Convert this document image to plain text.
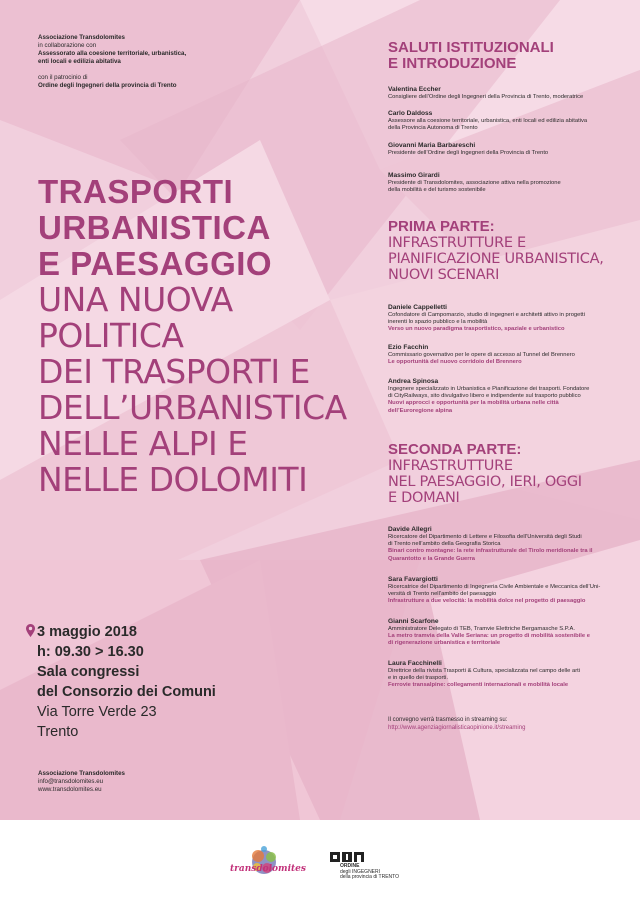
Associazione Transdolomites
in collaborazione con
Assessorato alla coesione territoriale, urbanistica,
enti locali e edilizia abitativa
con il patrocinio di
Ordine degli Ingegneri della provincia di Trento
TRASPORTI
URBANISTICA
E PAESAGGIO
UNA NUOVA
POLITICA
DEI TRASPORTI E
DELL’URBANISTICA
NELLE ALPI E
NELLE DOLOMITI
3 maggio 2018
h: 09.30 > 16.30
Sala congressi
del Consorzio dei Comuni
Via Torre Verde 23
Trento
Associazione Transdolomites
info@transdolomites.eu
www.transdolomites.eu
SALUTI ISTITUZIONALI
E INTRODUZIONE
Valentina Eccher
Consigliere dell’Ordine degli Ingegneri della Provincia di Trento, moderatrice
Carlo Daldoss
Assessore alla coesione territoriale, urbanistica, enti locali ed edilizia abitativa
della Provincia Autonoma di Trento
Giovanni Maria Barbareschi
Presidente dell’Ordine degli Ingegneri della Provincia di Trento
Massimo Girardi
Presidente di Transdolomites, associazione attiva nella promozione
della mobilità e del turismo sostenibile
PRIMA PARTE:
INFRASTRUTTURE E
PIANIFICAZIONE URBANISTICA,
NUOVI SCENARI
Daniele Cappelletti
Cofondatore di Campomarzio, studio di ingegneri e architetti attivo in progetti
inerenti lo spazio pubblico e la mobilità
Verso un nuovo paradigma trasportistico, spaziale e urbanistico
Ezio Facchin
Commissario governativo per le opere di accesso al Tunnel del Brennero
Le opportunità del nuovo corridoio del Brennero
Andrea Spinosa
Ingegnere specializzato in Urbanistica e Pianificazione dei trasporti. Fondatore
di CityRailways, sito divulgativo libero e indipendente sul trasporto pubblico
Nuovi approcci e opportunità per la mobilità urbana nelle città
dell’Euroregione alpina
SECONDA PARTE:
INFRASTRUTTURE
NEL PAESAGGIO, IERI, OGGI
E DOMANI
Davide Allegri
Ricercatore del Dipartimento di Lettere e Filosofia dell’Università degli Studi
di Trento nell’ambito della Geografia Storica
Binari contro montagne: la rete infrastrutturale del Tirolo meridionale tra il
Quarantotto e la Grande Guerra
Sara Favargiotti
Ricercatrice del Dipartimento di Ingegneria Civile Ambientale e Meccanica dell’Uni-
versità di Trento nell’ambito del paesaggio
Infrastrutture a due velocità: la mobilità dolce nel progetto di paesaggio
Gianni Scarfone
Amministratore Delegato di TEB, Tramvie Elettriche Bergamasche S.P.A.
La metro tramvia della Valle Seriana: un progetto di mobilità sostenibile e
di rigenerazione urbanistica e territoriale
Laura Facchinelli
Direttrice della rivista Trasporti & Cultura, specializzata nel campo delle arti
e in quello dei trasporti.
Ferrovie transalpine: collegamenti internazionali e mobilità locale
Il convegno verrà trasmesso in streaming su:
http://www.agenziagiornalisticaopinione.it/streaming
transdolomites	ORDINE
degli INGEGNERI
della provincia di TRENTO
